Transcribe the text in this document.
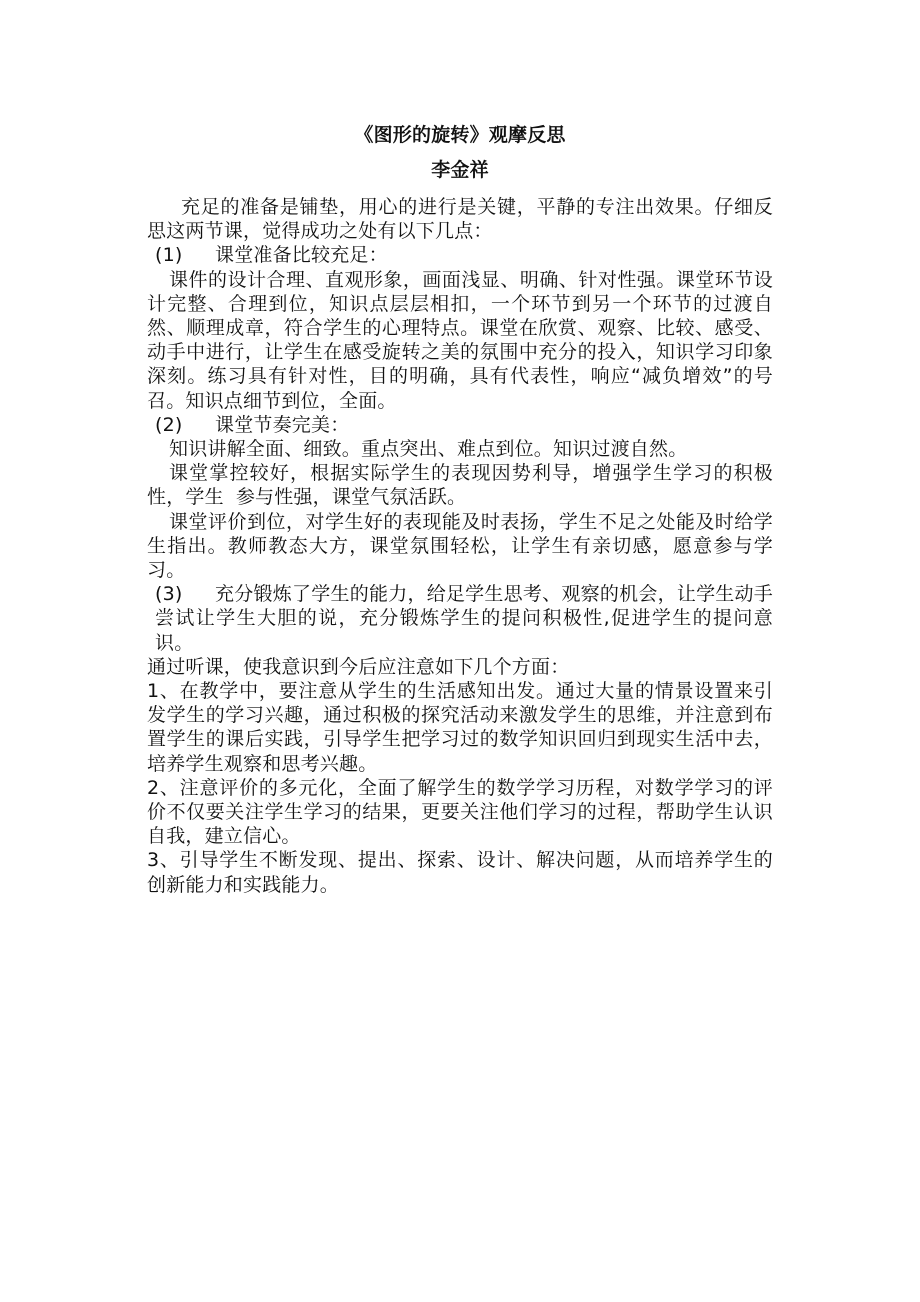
《图形的旋转》观摩反思
李金祥

充足的准备是铺垫，用心的进行是关键，平静的专注出效果。仔细反思这两节课，觉得成功之处有以下几点：

(1) 课堂准备比较充足：

课件的设计合理、直观形象，画面浅显、明确、针对性强。课堂环节设计完整、合理到位，知识点层层相扣，一个环节到另一个环节的过渡自然、顺理成章，符合学生的心理特点。课堂在欣赏、观察、比较、感受、动手中进行，让学生在感受旋转之美的氛围中充分的投入，知识学习印象深刻。练习具有针对性，目的明确，具有代表性，响应“减负增效”的号召。知识点细节到位，全面。

(2) 课堂节奏完美：

知识讲解全面、细致。重点突出、难点到位。知识过渡自然。

课堂掌控较好，根据实际学生的表现因势利导，增强学生学习的积极性，学生 参与性强，课堂气氛活跃。

课堂评价到位，对学生好的表现能及时表扬，学生不足之处能及时给学生指出。教师教态大方，课堂氛围轻松，让学生有亲切感，愿意参与学习。

(3) 充分锻炼了学生的能力，给足学生思考、观察的机会，让学生动手尝试让学生大胆的说，充分锻炼学生的提问积极性,促进学生的提问意识。

通过听课，使我意识到今后应注意如下几个方面：

1、在教学中，要注意从学生的生活感知出发。通过大量的情景设置来引发学生的学习兴趣，通过积极的探究活动来激发学生的思维，并注意到布置学生的课后实践，引导学生把学习过的数学知识回归到现实生活中去，培养学生观察和思考兴趣。

2、注意评价的多元化，全面了解学生的数学学习历程，对数学学习的评价不仅要关注学生学习的结果，更要关注他们学习的过程，帮助学生认识自我，建立信心。

3、引导学生不断发现、提出、探索、设计、解决问题，从而培养学生的创新能力和实践能力。
